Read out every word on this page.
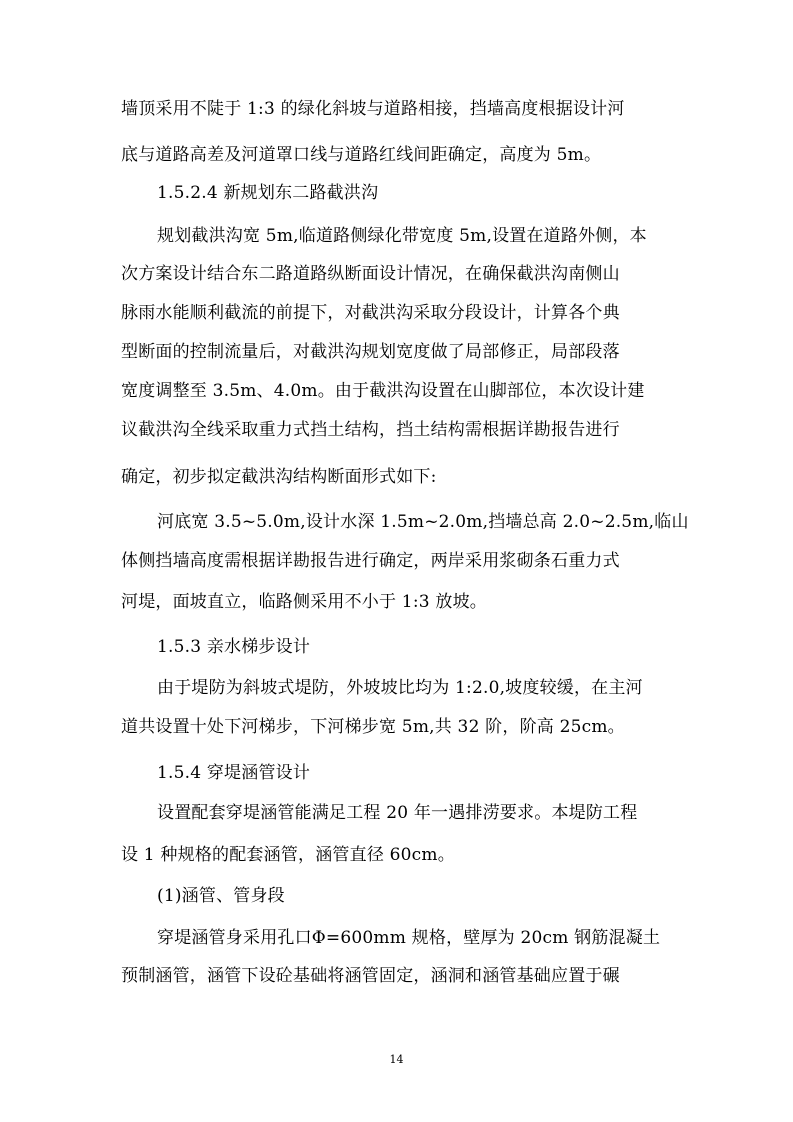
墙顶采用不陡于 1:3 的绿化斜坡与道路相接，挡墙高度根据设计河
底与道路高差及河道罩口线与道路红线间距确定，高度为 5m。
1.5.2.4 新规划东二路截洪沟
规划截洪沟宽 5m,临道路侧绿化带宽度 5m,设置在道路外侧，本
次方案设计结合东二路道路纵断面设计情况，在确保截洪沟南侧山
脉雨水能顺利截流的前提下，对截洪沟采取分段设计，计算各个典
型断面的控制流量后，对截洪沟规划宽度做了局部修正，局部段落
宽度调整至 3.5m、4.0m。由于截洪沟设置在山脚部位，本次设计建
议截洪沟全线采取重力式挡土结构，挡土结构需根据详勘报告进行
确定，初步拟定截洪沟结构断面形式如下:
河底宽 3.5~5.0m,设计水深 1.5m~2.0m,挡墙总高 2.0~2.5m,临山
体侧挡墙高度需根据详勘报告进行确定，两岸采用浆砌条石重力式
河堤，面坡直立，临路侧采用不小于 1:3 放坡。
1.5.3 亲水梯步设计
由于堤防为斜坡式堤防，外坡坡比均为 1:2.0,坡度较缓，在主河
道共设置十处下河梯步，下河梯步宽 5m,共 32 阶，阶高 25cm。
1.5.4 穿堤涵管设计
设置配套穿堤涵管能满足工程 20 年一遇排涝要求。本堤防工程
设 1 种规格的配套涵管，涵管直径 60cm。
(1)涵管、管身段
穿堤涵管身采用孔口Φ=600mm 规格，壁厚为 20cm 钢筋混凝土
预制涵管，涵管下设砼基础将涵管固定，涵洞和涵管基础应置于碾
14
